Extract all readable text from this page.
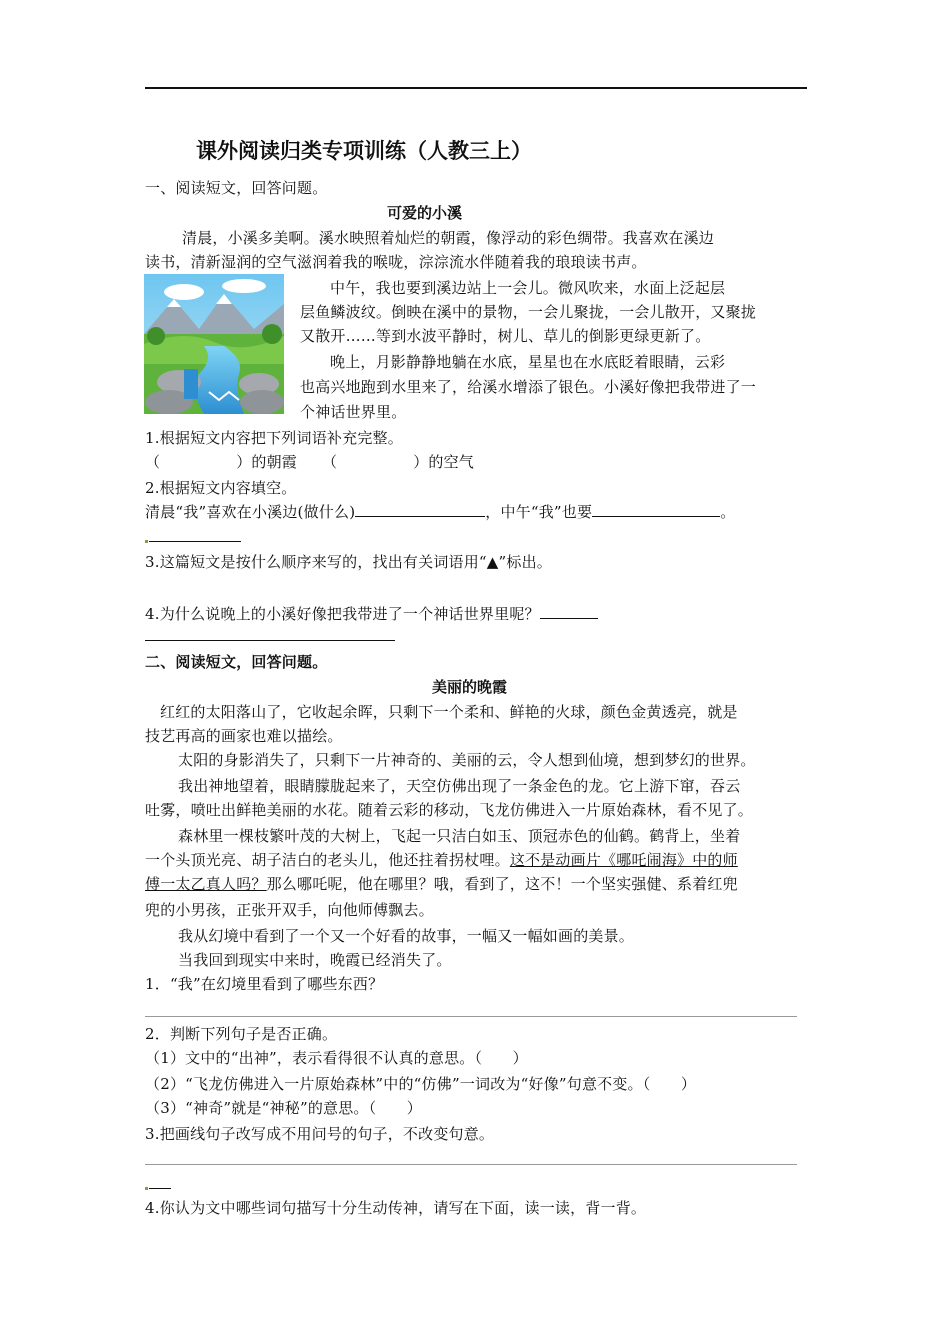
课外阅读归类专项训练（人教三上）
一、阅读短文，回答问题。
可爱的小溪
清晨，小溪多美啊。溪水映照着灿烂的朝霞，像浮动的彩色绸带。我喜欢在溪边
读书，清新湿润的空气滋润着我的喉咙，淙淙流水伴随着我的琅琅读书声。
中午，我也要到溪边站上一会儿。微风吹来，水面上泛起层
层鱼鳞波纹。倒映在溪中的景物，一会儿聚拢，一会儿散开，又聚拢
又散开……等到水波平静时，树儿、草儿的倒影更绿更新了。
晚上，月影静静地躺在水底，星星也在水底眨着眼睛，云彩
也高兴地跑到水里来了，给溪水增添了银色。小溪好像把我带进了一
个神话世界里。
1.根据短文内容把下列词语补充完整。
（　　　　　）的朝霞 （　　　　　）的空气
2.根据短文内容填空。
清晨“我”喜欢在小溪边(做什么)	，中午“我”也要	。
3.这篇短文是按什么顺序来写的，找出有关词语用“▲”标出。
4.为什么说晚上的小溪好像把我带进了一个神话世界里呢？
二、阅读短文，回答问题。
美丽的晚霞
红红的太阳落山了，它收起余晖，只剩下一个柔和、鲜艳的火球，颜色金黄透亮，就是
技艺再高的画家也难以描绘。
太阳的身影消失了，只剩下一片神奇的、美丽的云，令人想到仙境，想到梦幻的世界。
我出神地望着，眼睛朦胧起来了，天空仿佛出现了一条金色的龙。它上游下窜，吞云
吐雾，喷吐出鲜艳美丽的水花。随着云彩的移动，飞龙仿佛进入一片原始森林，看不见了。
森林里一棵枝繁叶茂的大树上，飞起一只洁白如玉、顶冠赤色的仙鹤。鹤背上，坐着
一个头顶光亮、胡子洁白的老头儿，他还拄着拐杖哩。这不是动画片《哪吒闹海》中的师
傅一太乙真人吗？那么哪吒呢，他在哪里？哦，看到了，这不！一个坚实强健、系着红兜
兜的小男孩，正张开双手，向他师傅飘去。
我从幻境中看到了一个又一个好看的故事，一幅又一幅如画的美景。
当我回到现实中来时，晚霞已经消失了。
1．“我”在幻境里看到了哪些东西？
2．判断下列句子是否正确。
（1）文中的“出神”，表示看得很不认真的意思。（　　）
（2）“飞龙仿佛进入一片原始森林”中的“仿佛”一词改为“好像”句意不变。（　　）
（3）“神奇”就是“神秘”的意思。（　　）
3.把画线句子改写成不用问号的句子，不改变句意。
4.你认为文中哪些词句描写十分生动传神，请写在下面，读一读，背一背。
